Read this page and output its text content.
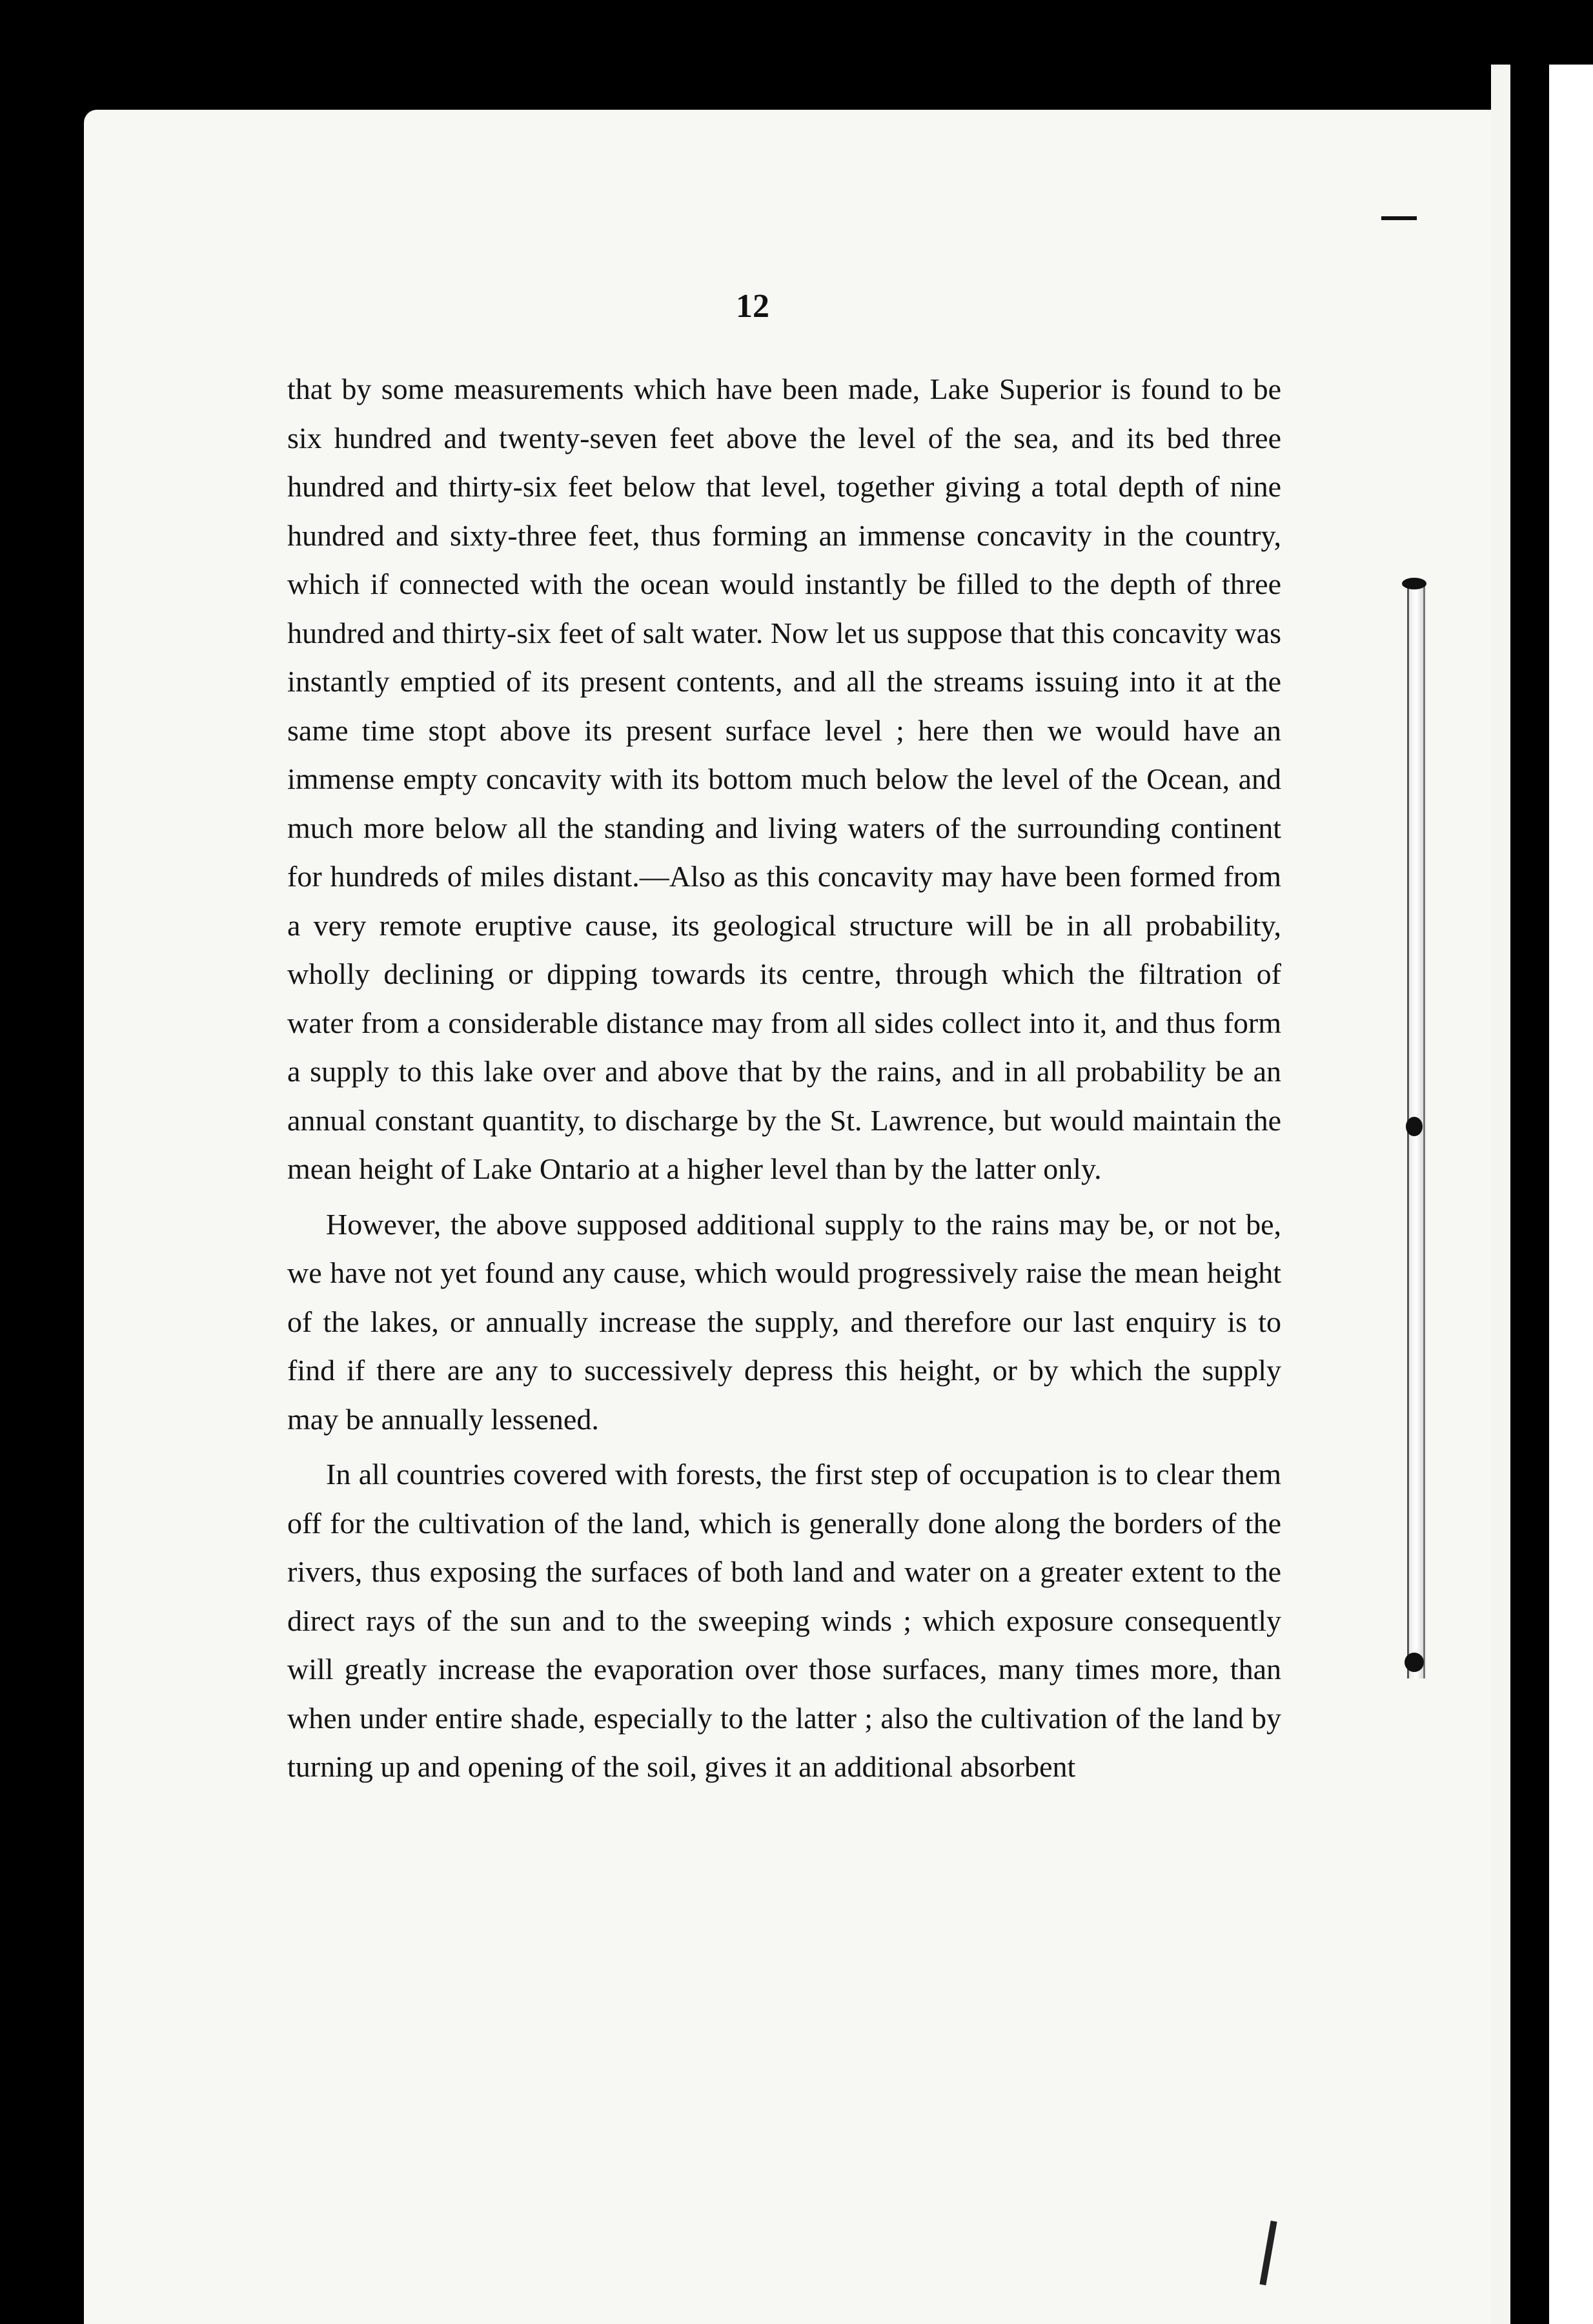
12

that by some measurements which have been made, Lake Superior is found to be six hundred and twenty-seven feet above the level of the sea, and its bed three hundred and thirty-six feet below that level, together giving a total depth of nine hundred and sixty-three feet, thus forming an immense concavity in the country, which if connected with the ocean would instantly be filled to the depth of three hundred and thirty-six feet of salt water. Now let us suppose that this concavity was instantly emptied of its present contents, and all the streams issuing into it at the same time stopt above its present surface level ; here then we would have an immense empty concavity with its bottom much below the level of the Ocean, and much more below all the standing and living waters of the surrounding continent for hundreds of miles distant.—Also as this concavity may have been formed from a very remote eruptive cause, its geological structure will be in all probability, wholly declining or dipping towards its centre, through which the filtration of water from a considerable distance may from all sides collect into it, and thus form a supply to this lake over and above that by the rains, and in all probability be an annual constant quantity, to discharge by the St. Lawrence, but would maintain the mean height of Lake Ontario at a higher level than by the latter only.

However, the above supposed additional supply to the rains may be, or not be, we have not yet found any cause, which would progressively raise the mean height of the lakes, or annually increase the supply, and therefore our last enquiry is to find if there are any to successively depress this height, or by which the supply may be annually lessened.

In all countries covered with forests, the first step of occupation is to clear them off for the cultivation of the land, which is generally done along the borders of the rivers, thus exposing the surfaces of both land and water on a greater extent to the direct rays of the sun and to the sweeping winds ; which exposure consequently will greatly increase the evaporation over those surfaces, many times more, than when under entire shade, especially to the latter ; also the cultivation of the land by turning up and opening of the soil, gives it an additional absorbent
